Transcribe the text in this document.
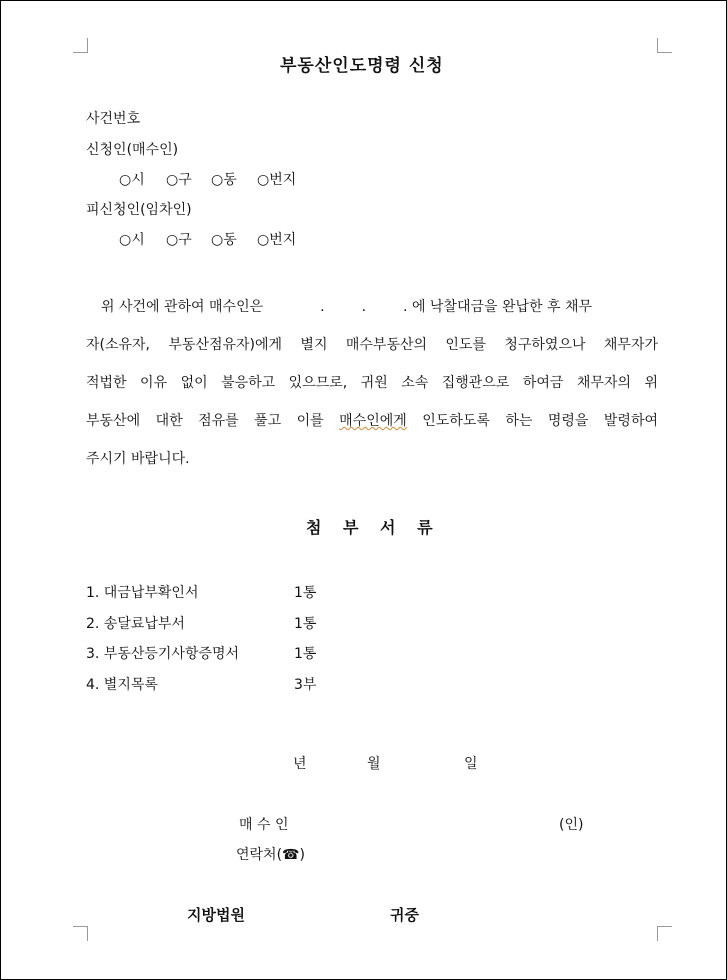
부동산인도명령 신청
사건번호
신청인(매수인)
○시 ○구 ○동 ○번지
피신청인(임차인)
○시 ○구 ○동 ○번지

위 사건에 관하여 매수인은	.	.	. 에 낙찰대금을 완납한 후 채무

자(소유자, 부동산점유자)에게 별지 매수부동산의 인도를 청구하였으나 채무자가

적법한 이유 없이 불응하고 있으므로, 귀원 소속 집행관으로 하여금 채무자의 위

부동산에 대한 점유를 풀고 이를 매수인에게 인도하도록 하는 명령을 발령하여

주시기 바랍니다.

첨 부 서 류
1. 대금납부확인서	1통
2. 송달료납부서	1통
3. 부동산등기사항증명서	1통
4. 별지목록	3부
년	월	일
매 수 인	(인)
연락처(☎)
지방법원	귀중
